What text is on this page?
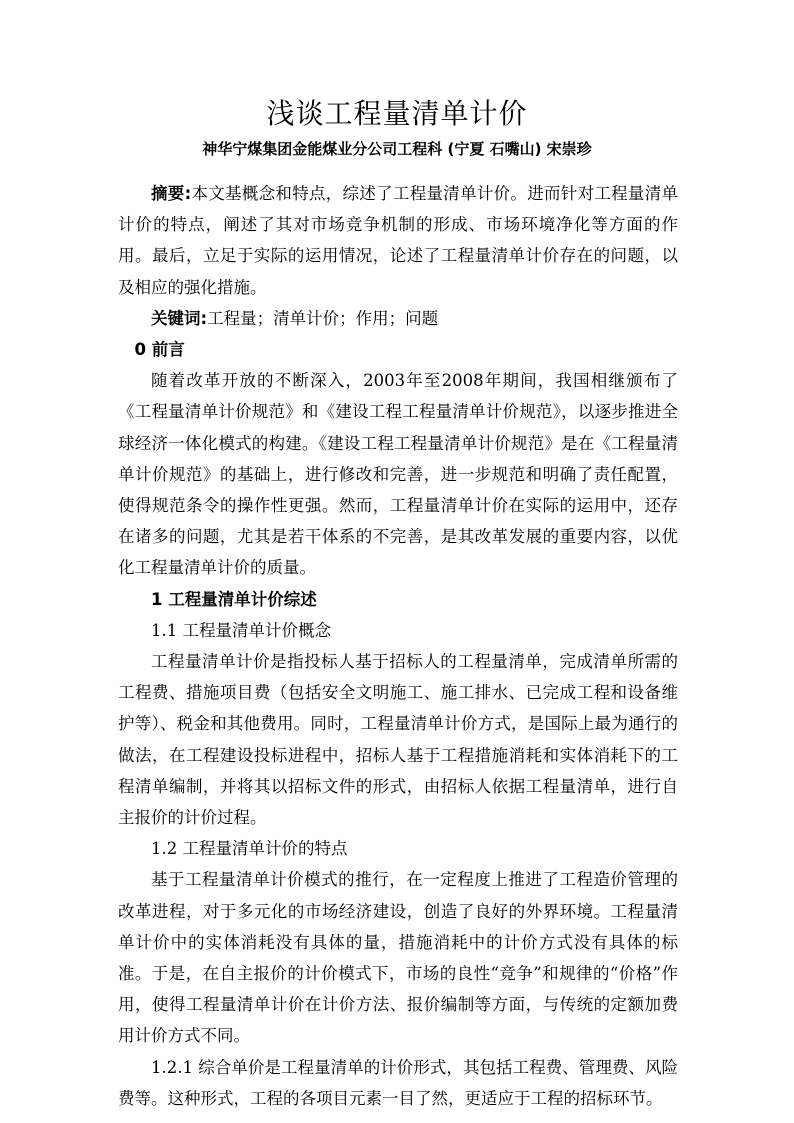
浅谈工程量清单计价
神华宁煤集团金能煤业分公司工程科 (宁夏 石嘴山) 宋崇珍

摘要:本文基概念和特点，综述了工程量清单计价。进而针对工程量清单计价的特点，阐述了其对市场竞争机制的形成、市场环境净化等方面的作用。最后，立足于实际的运用情况，论述了工程量清单计价存在的问题，以及相应的强化措施。

关键词:工程量；清单计价；作用；问题

0 前言

随着改革开放的不断深入，2003年至2008年期间，我国相继颁布了《工程量清单计价规范》和《建设工程工程量清单计价规范》，以逐步推进全球经济一体化模式的构建。《建设工程工程量清单计价规范》是在《工程量清单计价规范》的基础上，进行修改和完善，进一步规范和明确了责任配置，使得规范条令的操作性更强。然而，工程量清单计价在实际的运用中，还存在诸多的问题，尤其是若干体系的不完善，是其改革发展的重要内容，以优化工程量清单计价的质量。

1 工程量清单计价综述

1.1 工程量清单计价概念

工程量清单计价是指投标人基于招标人的工程量清单，完成清单所需的工程费、措施项目费（包括安全文明施工、施工排水、已完成工程和设备维护等）、税金和其他费用。同时，工程量清单计价方式，是国际上最为通行的做法，在工程建设投标进程中，招标人基于工程措施消耗和实体消耗下的工程清单编制，并将其以招标文件的形式，由招标人依据工程量清单，进行自主报价的计价过程。

1.2 工程量清单计价的特点

基于工程量清单计价模式的推行，在一定程度上推进了工程造价管理的改革进程，对于多元化的市场经济建设，创造了良好的外界环境。工程量清单计价中的实体消耗没有具体的量，措施消耗中的计价方式没有具体的标准。于是，在自主报价的计价模式下，市场的良性“竞争”和规律的“价格”作用，使得工程量清单计价在计价方法、报价编制等方面，与传统的定额加费用计价方式不同。

1.2.1 综合单价是工程量清单的计价形式，其包括工程费、管理费、风险费等。这种形式，工程的各项目元素一目了然，更适应于工程的招标环节。
